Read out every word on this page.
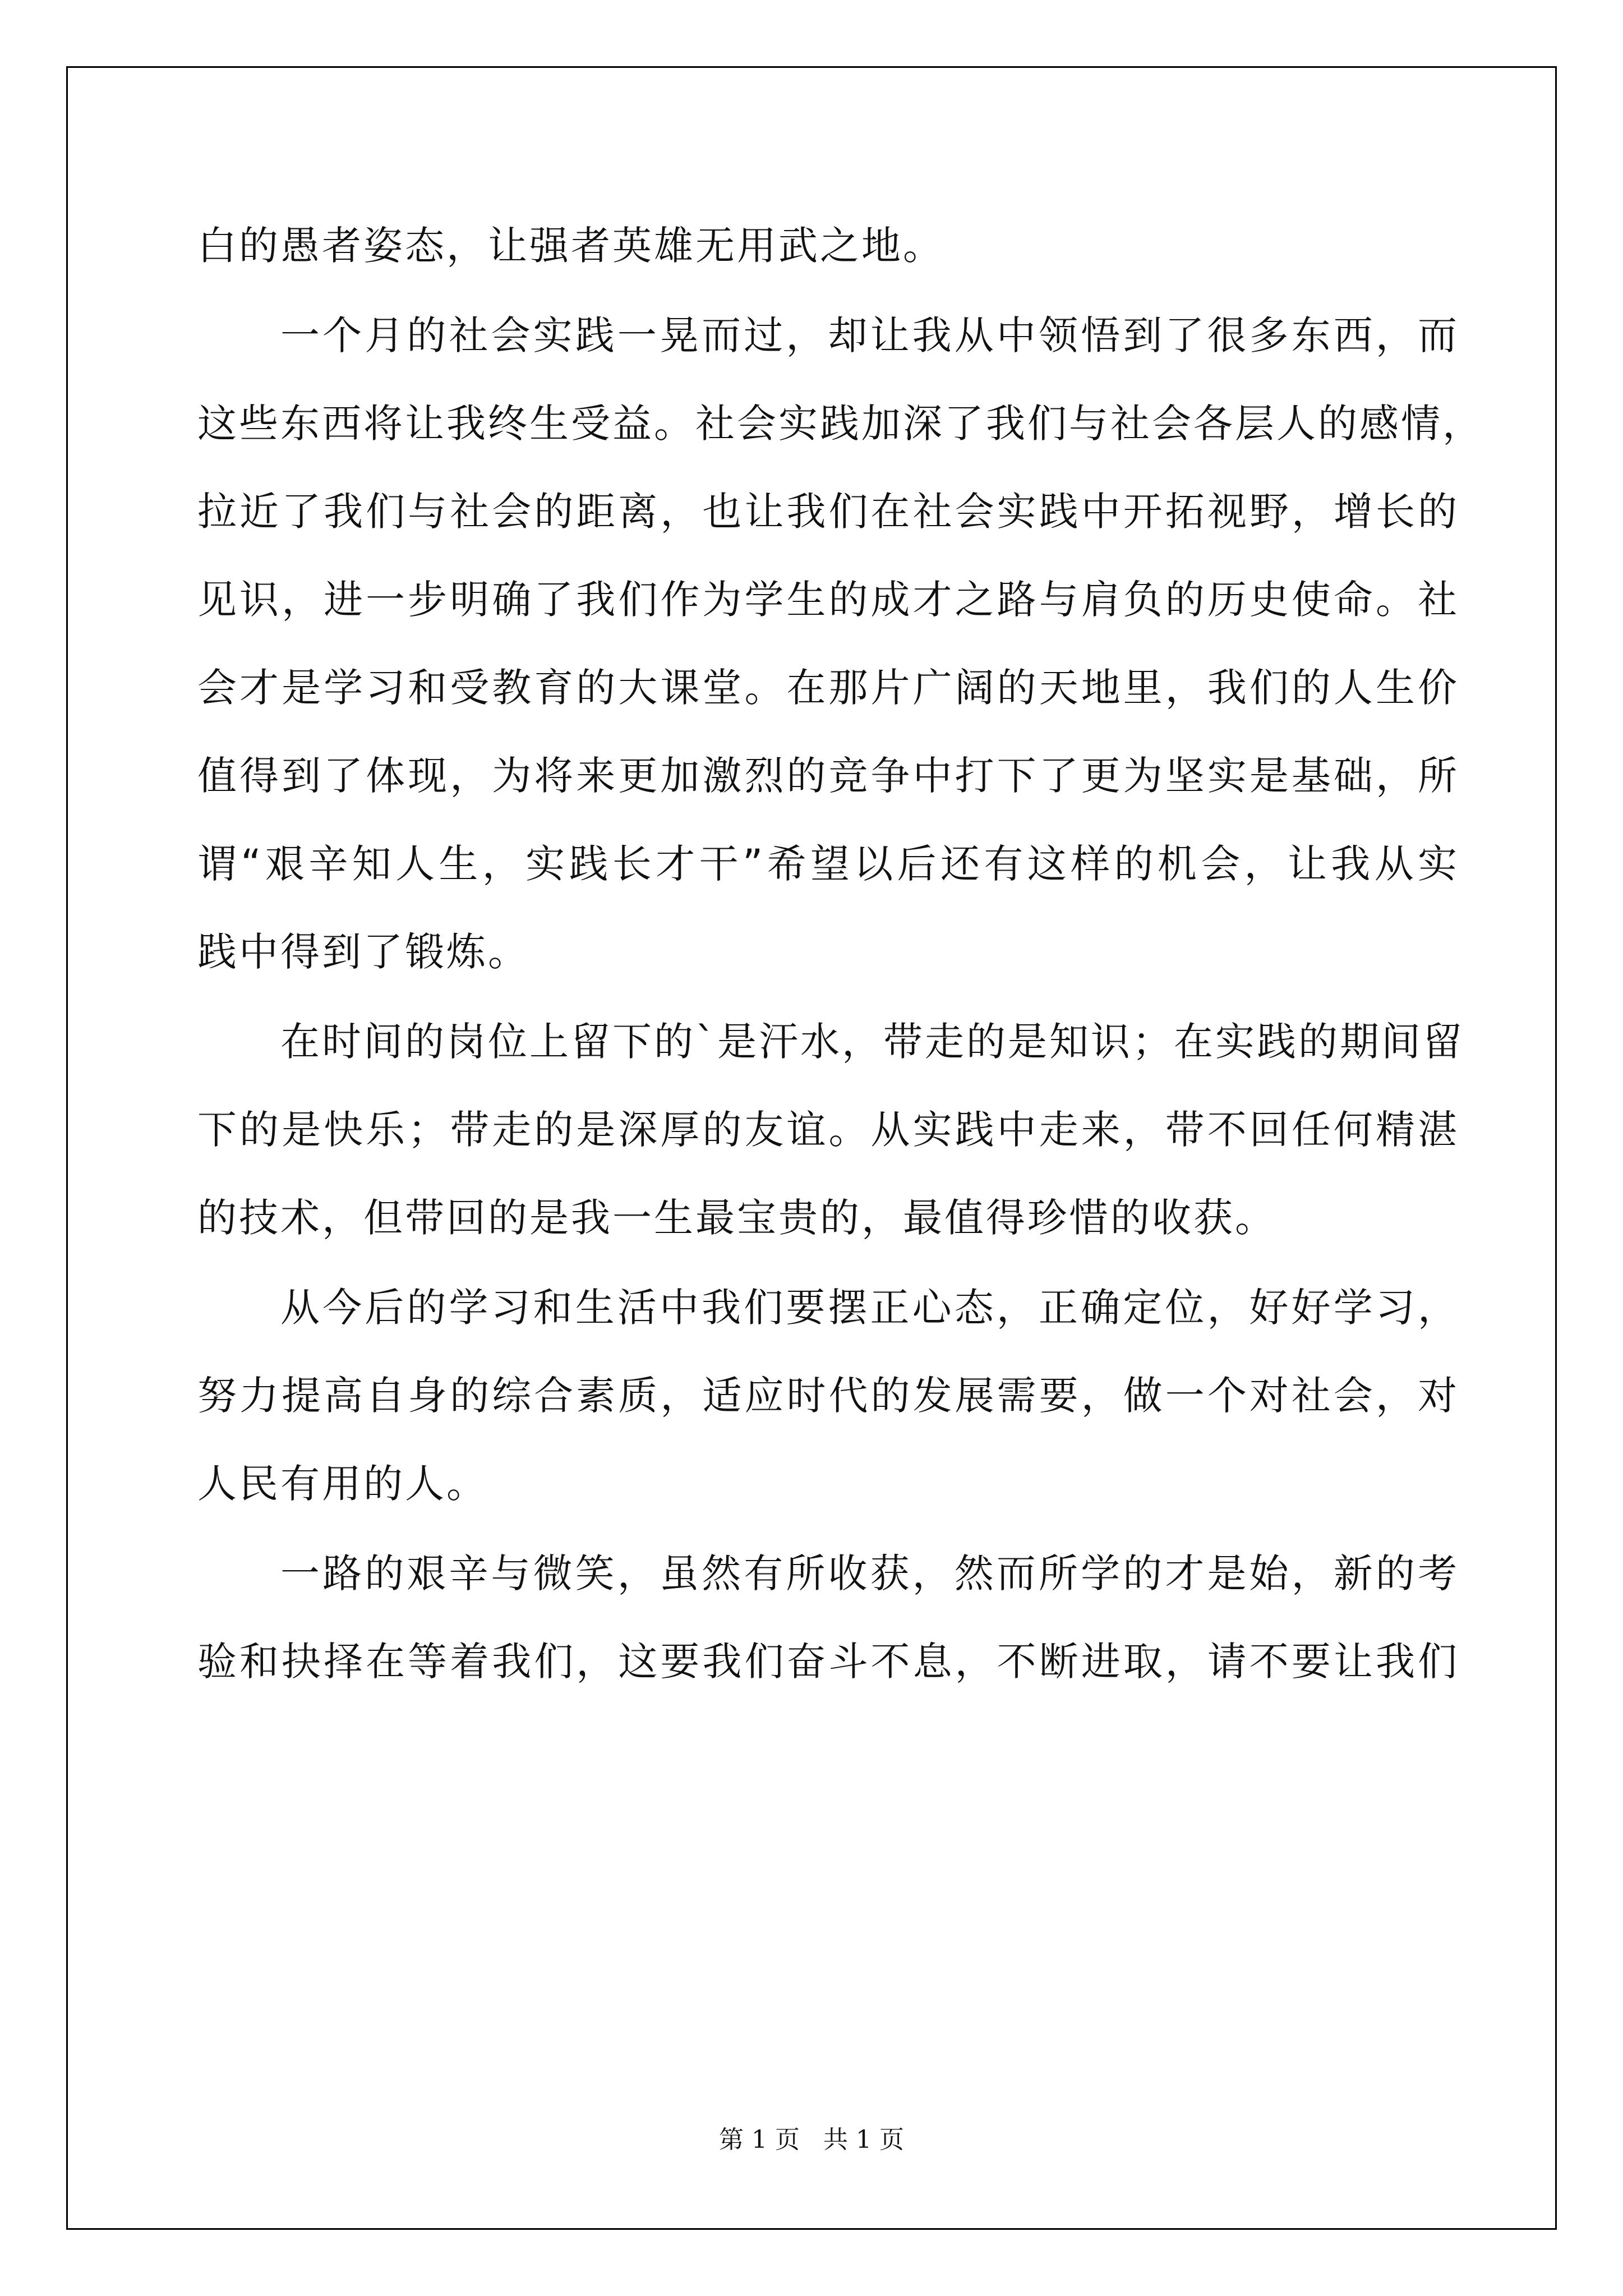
白的愚者姿态，让强者英雄无用武之地。
一个月的社会实践一晃而过，却让我从中领悟到了很多东西，而
这些东西将让我终生受益。社会实践加深了我们与社会各层人的感情，
拉近了我们与社会的距离，也让我们在社会实践中开拓视野，增长的
见识，进一步明确了我们作为学生的成才之路与肩负的历史使命。社
会才是学习和受教育的大课堂。在那片广阔的天地里，我们的人生价
值得到了体现，为将来更加激烈的竞争中打下了更为坚实是基础，所
谓“艰辛知人生，实践长才干”希望以后还有这样的机会，让我从实
践中得到了锻炼。
在时间的岗位上留下的`是汗水，带走的是知识；在实践的期间留
下的是快乐；带走的是深厚的友谊。从实践中走来，带不回任何精湛
的技术，但带回的是我一生最宝贵的，最值得珍惜的收获。
从今后的学习和生活中我们要摆正心态，正确定位，好好学习，
努力提高自身的综合素质，适应时代的发展需要，做一个对社会，对
人民有用的人。
一路的艰辛与微笑，虽然有所收获，然而所学的才是始，新的考
验和抉择在等着我们，这要我们奋斗不息，不断进取，请不要让我们
第 1 页   共 1 页
